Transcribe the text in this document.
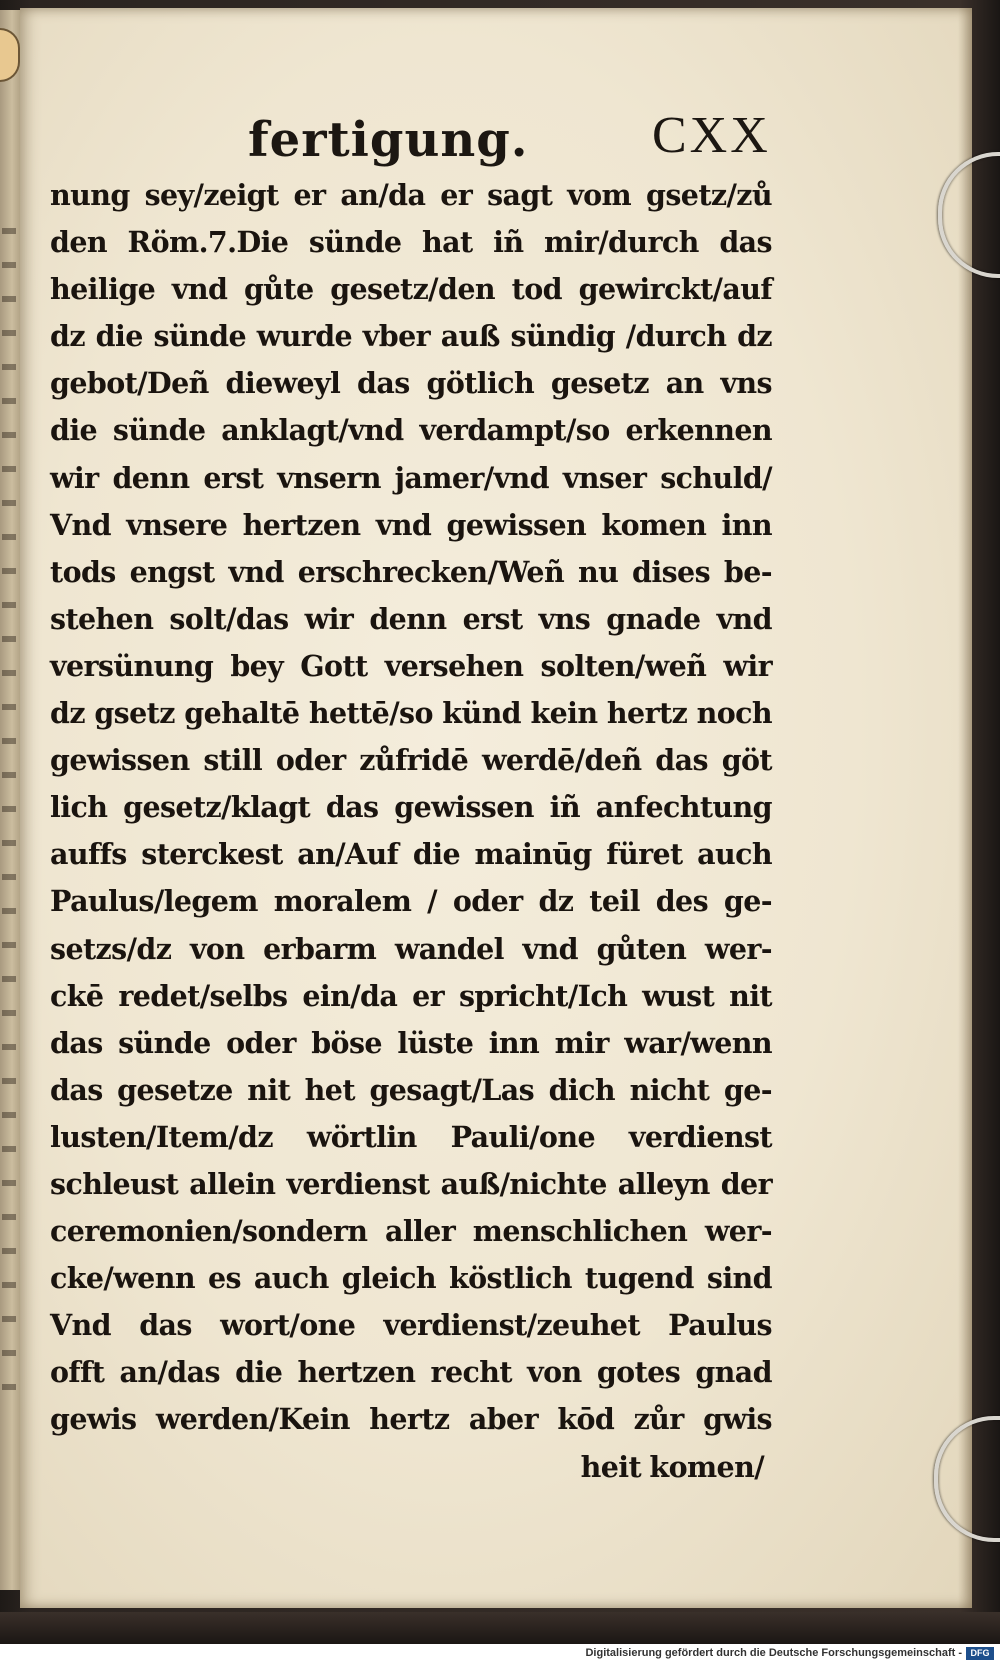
fertigung. CXX
nung sey/zeigt er an/da er sagt vom gsetz/zů
den Röm.7.Die sünde hat iñ mir/durch das
heilige vnd gůte gesetz/den tod gewirckt/auf
dz die sünde wurde vber auß sündig /durch dz
gebot/Deñ dieweyl das götlich gesetz an vns
die sünde anklagt/vnd verdampt/so erkennen
wir denn erst vnsern jamer/vnd vnser schuld/
Vnd vnsere hertzen vnd gewissen komen inn
tods engst vnd erschrecken/Weñ nu dises be-
stehen solt/das wir denn erst vns gnade vnd
versünung bey Gott versehen solten/weñ wir
dz gsetz gehaltē hettē/so künd kein hertz noch
gewissen still oder zůfridē werdē/deñ das göt
lich gesetz/klagt das gewissen iñ anfechtung
auffs sterckest an/Auf die mainūg füret auch
Paulus/legem moralem / oder dz teil des ge-
setzs/dz von erbarm wandel vnd gůten wer-
ckē redet/selbs ein/da er spricht/Ich wust nit
das sünde oder böse lüste inn mir war/wenn
das gesetze nit het gesagt/Las dich nicht ge-
lusten/Item/dz wörtlin Pauli/one verdienst
schleust allein verdienst auß/nichte alleyn der
ceremonien/sondern aller menschlichen wer-
cke/wenn es auch gleich köstlich tugend sind
Vnd das wort/one verdienst/zeuhet Paulus
offt an/das die hertzen recht von gotes gnad
gewis werden/Kein hertz aber kōd zůr gwis
heit komen/
Digitalisierung gefördert durch die Deutsche Forschungsgemeinschaft - DFG
